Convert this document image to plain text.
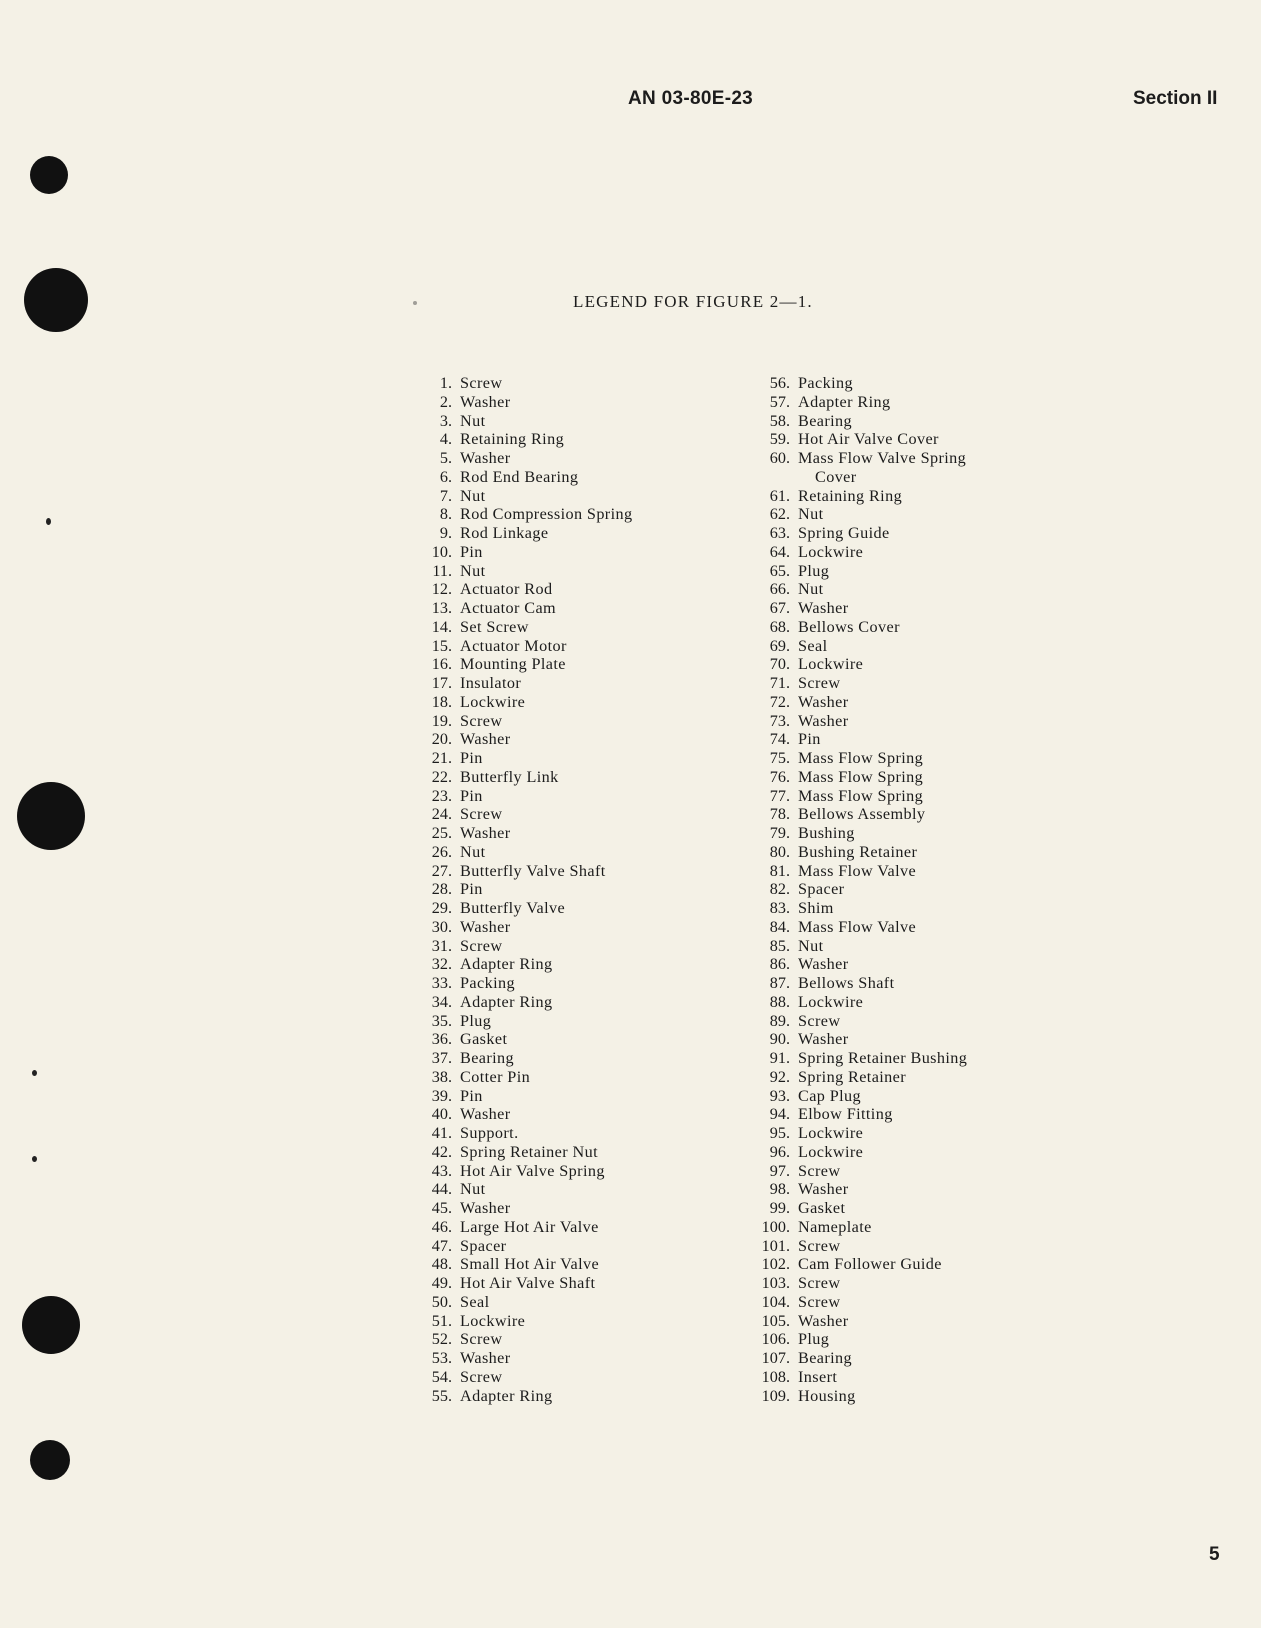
AN 03-80E-23	Section II
LEGEND FOR FIGURE 2—1.
1. Screw
2. Washer
3. Nut
4. Retaining Ring
5. Washer
6. Rod End Bearing
7. Nut
8. Rod Compression Spring
9. Rod Linkage
10. Pin
11. Nut
12. Actuator Rod
13. Actuator Cam
14. Set Screw
15. Actuator Motor
16. Mounting Plate
17. Insulator
18. Lockwire
19. Screw
20. Washer
21. Pin
22. Butterfly Link
23. Pin
24. Screw
25. Washer
26. Nut
27. Butterfly Valve Shaft
28. Pin
29. Butterfly Valve
30. Washer
31. Screw
32. Adapter Ring
33. Packing
34. Adapter Ring
35. Plug
36. Gasket
37. Bearing
38. Cotter Pin
39. Pin
40. Washer
41. Support.
42. Spring Retainer Nut
43. Hot Air Valve Spring
44. Nut
45. Washer
46. Large Hot Air Valve
47. Spacer
48. Small Hot Air Valve
49. Hot Air Valve Shaft
50. Seal
51. Lockwire
52. Screw
53. Washer
54. Screw
55. Adapter Ring
56. Packing
57. Adapter Ring
58. Bearing
59. Hot Air Valve Cover
60. Mass Flow Valve Spring
Cover
61. Retaining Ring
62. Nut
63. Spring Guide
64. Lockwire
65. Plug
66. Nut
67. Washer
68. Bellows Cover
69. Seal
70. Lockwire
71. Screw
72. Washer
73. Washer
74. Pin
75. Mass Flow Spring
76. Mass Flow Spring
77. Mass Flow Spring
78. Bellows Assembly
79. Bushing
80. Bushing Retainer
81. Mass Flow Valve
82. Spacer
83. Shim
84. Mass Flow Valve
85. Nut
86. Washer
87. Bellows Shaft
88. Lockwire
89. Screw
90. Washer
91. Spring Retainer Bushing
92. Spring Retainer
93. Cap Plug
94. Elbow Fitting
95. Lockwire
96. Lockwire
97. Screw
98. Washer
99. Gasket
100. Nameplate
101. Screw
102. Cam Follower Guide
103. Screw
104. Screw
105. Washer
106. Plug
107. Bearing
108. Insert
109. Housing
5
